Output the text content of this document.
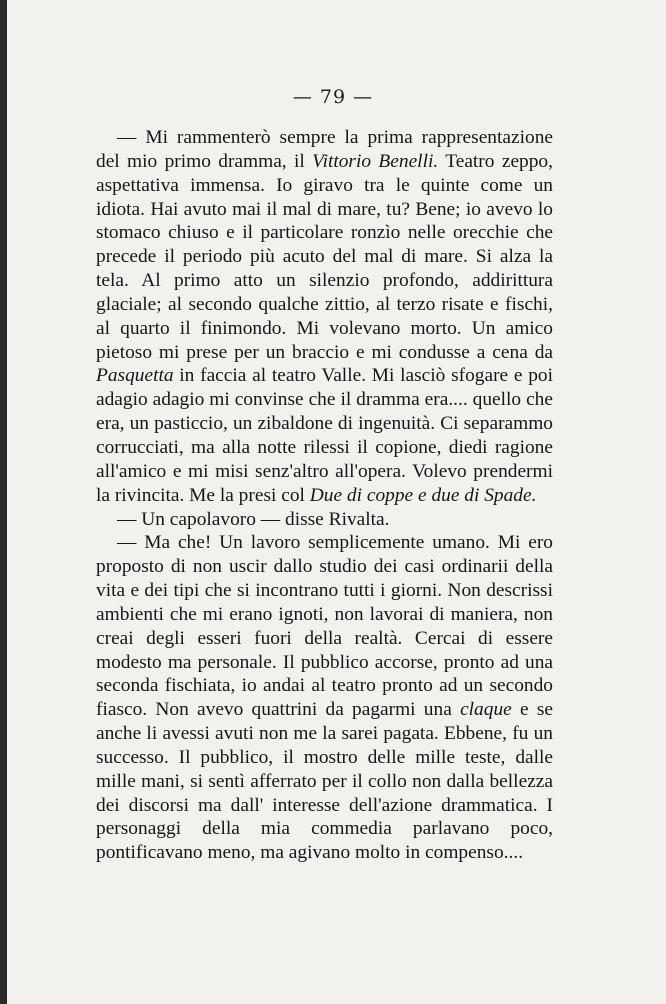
— 79 —

— Mi rammenterò sempre la prima rappresentazione del mio primo dramma, il Vittorio Benelli. Teatro zeppo, aspettativa immensa. Io giravo tra le quinte come un idiota. Hai avuto mai il mal di mare, tu? Bene; io avevo lo stomaco chiuso e il particolare ronzìo nelle orecchie che precede il periodo più acuto del mal di mare. Si alza la tela. Al primo atto un silenzio profondo, addirittura glaciale; al secondo qualche zittio, al terzo risate e fischi, al quarto il finimondo. Mi volevano morto. Un amico pietoso mi prese per un braccio e mi condusse a cena da Pasquetta in faccia al teatro Valle. Mi lasciò sfogare e poi adagio adagio mi convinse che il dramma era.... quello che era, un pasticcio, un zibaldone di ingenuità. Ci separammo corrucciati, ma alla notte rilessi il copione, diedi ragione all'amico e mi misi senz'altro all'opera. Volevo prendermi la rivincita. Me la presi col Due di coppe e due di Spade.

— Un capolavoro — disse Rivalta.

— Ma che! Un lavoro semplicemente umano. Mi ero proposto di non uscir dallo studio dei casi ordinarii della vita e dei tipi che si incontrano tutti i giorni. Non descrissi ambienti che mi erano ignoti, non lavorai di maniera, non creai degli esseri fuori della realtà. Cercai di essere modesto ma personale. Il pubblico accorse, pronto ad una seconda fischiata, io andai al teatro pronto ad un secondo fiasco. Non avevo quattrini da pagarmi una claque e se anche li avessi avuti non me la sarei pagata. Ebbene, fu un successo. Il pubblico, il mostro delle mille teste, dalle mille mani, si sentì afferrato per il collo non dalla bellezza dei discorsi ma dall' interesse dell'azione drammatica. I personaggi della mia commedia parlavano poco, pontificavano meno, ma agivano molto in compenso....
